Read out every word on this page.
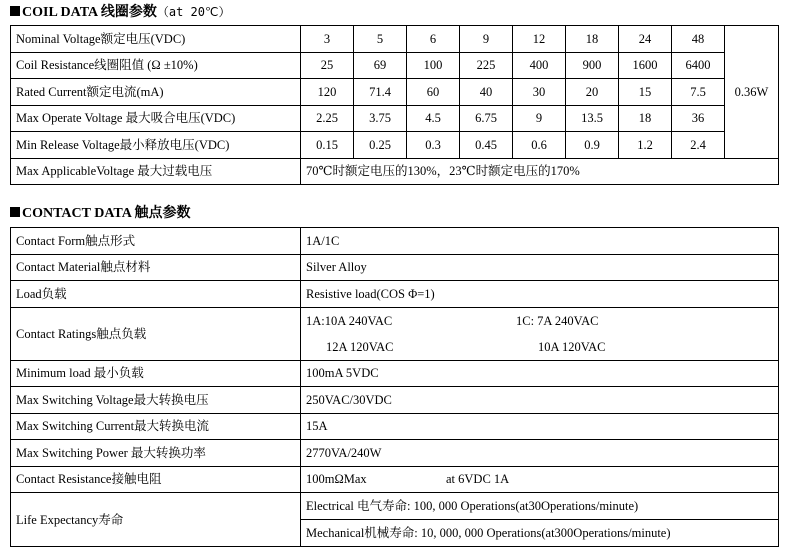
COIL DATA 线圈参数（at 20℃）
Nominal Voltage额定电压(VDC)	3	5	6	9	12	18	24	48	0.36W
Coil Resistance线圈阻值 (Ω ±10%)	25	69	100	225	400	900	1600	6400	
Rated Current额定电流(mA)	120	71.4	60	40	30	20	15	7.5	
Max Operate Voltage 最大吸合电压(VDC)	2.25	3.75	4.5	6.75	9	13.5	18	36	
Min Release Voltage最小释放电压(VDC)	0.15	0.25	0.3	0.45	0.6	0.9	1.2	2.4	
Max ApplicableVoltage 最大过载电压	70℃时额定电压的130%，23℃时额定电压的170%								
CONTACT DATA 触点参数
Contact Form触点形式	1A/1C
Contact Material触点材料	Silver Alloy
Load负载	Resistive load(COS Φ=1)
Contact Ratings触点负载	1A:10A 240VAC 1C: 7A 240VAC
12A 120VAC 10A 120VAC

Minimum load 最小负载	100mA 5VDC
Max Switching Voltage最大转换电压	250VAC/30VDC
Max Switching Current最大转换电流	15A
Max Switching Power 最大转换功率	2770VA/240W
Contact Resistance接触电阻	100mΩMax at 6VDC 1A
Life Expectancy寿命	Electrical 电气寿命: 100, 000 Operations(at30Operations/minute)
Mechanical机械寿命: 10, 000, 000 Operations(at300Operations/minute)
